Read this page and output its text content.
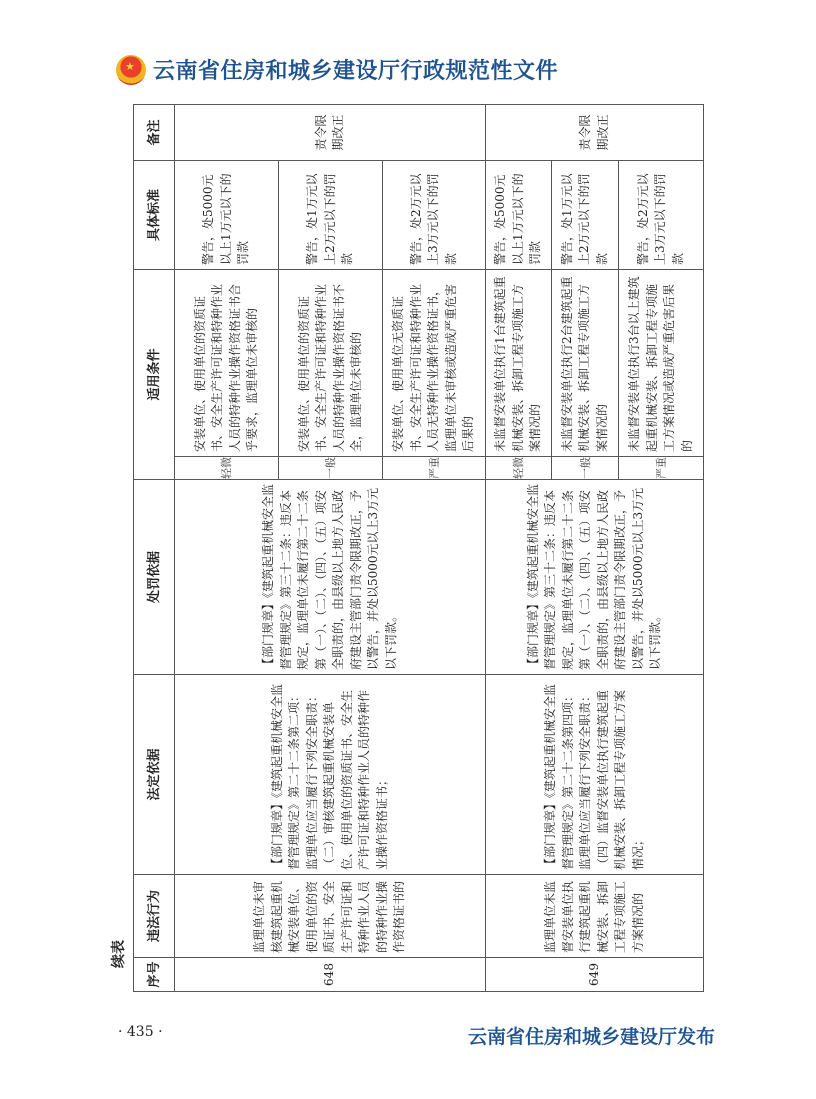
★
云南省住房和城乡建设厅行政规范性文件
续表
序号	违法行为	法定依据	处罚依据	适用条件		具体标准	备注
648	监理单位未审核建筑起重机械安装单位、使用单位的资质证书、安全生产许可证和特种作业人员的特种作业操作资格证书的	【部门规章】《建筑起重机械安全监督管理规定》第二十二条第二项：监理单位应当履行下列安全职责：（二）审核建筑起重机械安装单位、使用单位的资质证书、安全生产许可证和特种作业人员的特种作业操作资格证书；	【部门规章】《建筑起重机械安全监督管理规定》第三十二条：违反本规定，监理单位未履行第二十二条第（一）、（二）、（四）、（五）项安全职责的，由县级以上地方人民政府建设主管部门责令限期改正，予以警告，并处以5000元以上3万元以下罚款。	轻微	安装单位、使用单位的资质证书、安全生产许可证和特种作业人员的特种作业操作资格证书合乎要求，监理单位未审核的	警告，处5000元以上1万元以下的罚款	责令限期改正
				一般	安装单位、使用单位的资质证书、安全生产许可证和特种作业人员的特种作业操作资格证书不全，监理单位未审核的	警告，处1万元以上2万元以下的罚款	
				严重	安装单位、使用单位无资质证书、安全生产许可证和特种作业人员无特种作业操作资格证书，监理单位未审核或造成严重危害后果的	警告，处2万元以上3万元以下的罚款	
649	监理单位未监督安装单位执行建筑起重机械安装、拆卸工程专项施工方案情况的	【部门规章】《建筑起重机械安全监督管理规定》第二十二条第四项：监理单位应当履行下列安全职责：（四）监督安装单位执行建筑起重机械安装、拆卸工程专项施工方案情况；	【部门规章】《建筑起重机械安全监督管理规定》第三十二条：违反本规定，监理单位未履行第二十二条第（一）、（二）、（四）、（五）项安全职责的，由县级以上地方人民政府建设主管部门责令限期改正，予以警告，并处以5000元以上3万元以下罚款。	轻微	未监督安装单位执行1台建筑起重机械安装、拆卸工程专项施工方案情况的	警告，处5000元以上1万元以下的罚款	责令限期改正
				一般	未监督安装单位执行2台建筑起重机械安装、拆卸工程专项施工方案情况的	警告，处1万元以上2万元以下的罚款	
				严重	未监督安装单位执行3台以上建筑起重机械安装、拆卸工程专项施工方案情况或造成严重危害后果的	警告，处2万元以上3万元以下的罚款	
· 435 ·	云南省住房和城乡建设厅发布
